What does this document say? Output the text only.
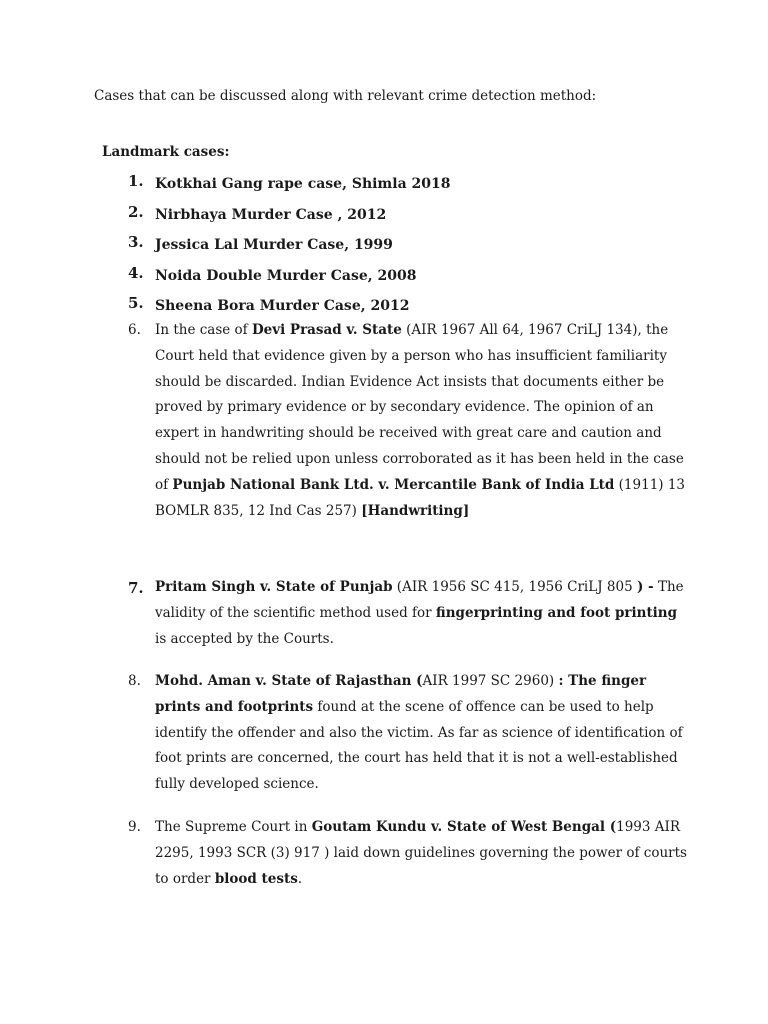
Cases that can be discussed along with relevant crime detection method:
Landmark cases:
1. Kotkhai Gang rape case, Shimla 2018
2. Nirbhaya Murder Case , 2012
3. Jessica Lal Murder Case, 1999
4. Noida Double Murder Case, 2008
5. Sheena Bora Murder Case, 2012
6.	In the case of Devi Prasad v. State (AIR 1967 All 64, 1967 CriLJ 134), the Court held that evidence given by a person who has insufficient familiarity should be discarded. Indian Evidence Act insists that documents either be proved by primary evidence or by secondary evidence. The opinion of an expert in handwriting should be received with great care and caution and should not be relied upon unless corroborated as it has been held in the case of Punjab National Bank Ltd. v. Mercantile Bank of India Ltd (1911) 13 BOMLR 835, 12 Ind Cas 257) [Handwriting]
7. Pritam Singh v. State of Punjab (AIR 1956 SC 415, 1956 CriLJ 805 ) - The validity of the scientific method used for fingerprinting and foot printing is accepted by the Courts.
8.	Mohd. Aman v. State of Rajasthan (AIR 1997 SC 2960) : The finger prints and footprints found at the scene of offence can be used to help identify the offender and also the victim. As far as science of identification of foot prints are concerned, the court has held that it is not a well-established fully developed science.
9.	The Supreme Court in Goutam Kundu v. State of West Bengal (1993 AIR 2295, 1993 SCR (3) 917 ) laid down guidelines governing the power of courts to order blood tests.
